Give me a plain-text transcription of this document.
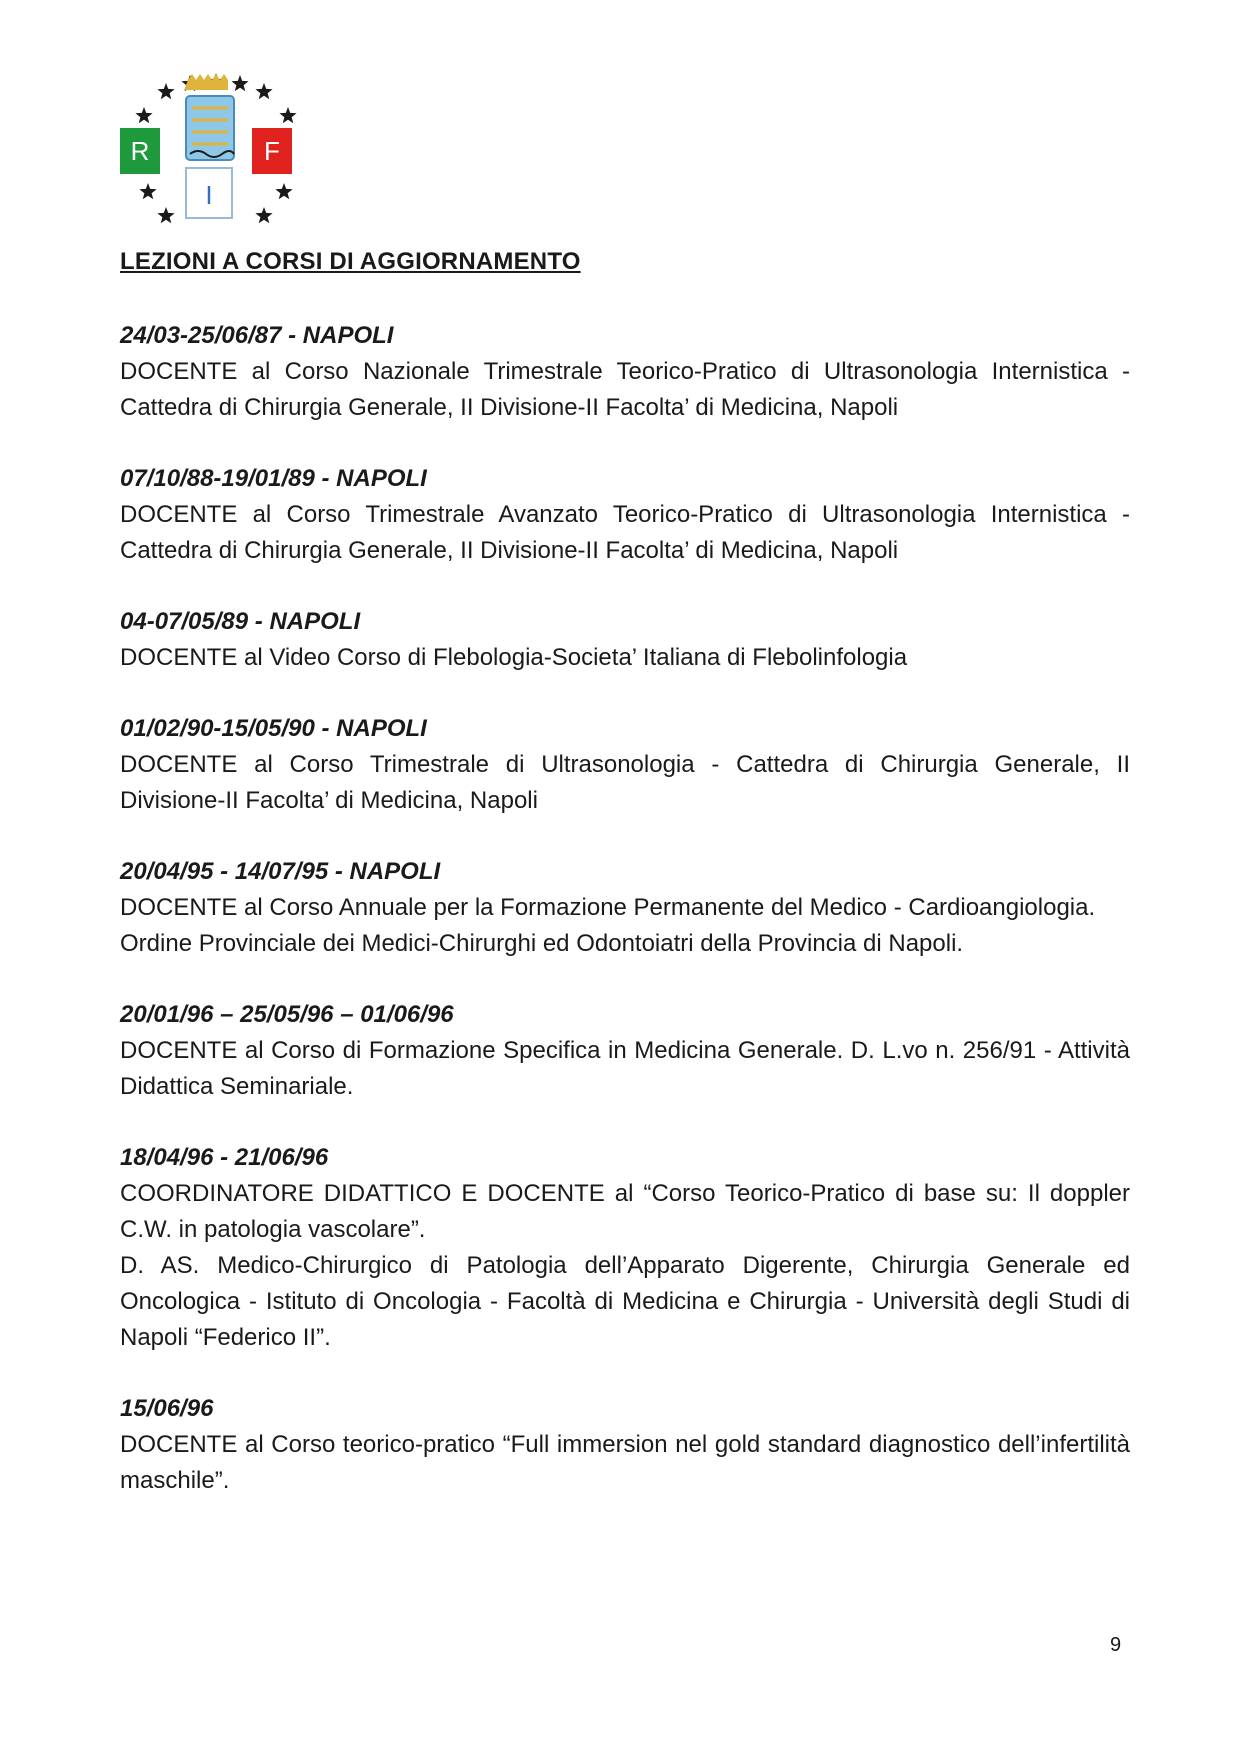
R	F
I
LEZIONI A CORSI DI AGGIORNAMENTO

24/03-25/06/87 - NAPOLI

DOCENTE al Corso Nazionale Trimestrale Teorico-Pratico di Ultrasonologia Internistica - Cattedra di Chirurgia Generale, II Divisione-II Facolta’ di Medicina, Napoli

07/10/88-19/01/89 - NAPOLI

DOCENTE al Corso Trimestrale Avanzato Teorico-Pratico di Ultrasonologia Internistica - Cattedra di Chirurgia Generale, II Divisione-II Facolta’ di Medicina, Napoli

04-07/05/89 - NAPOLI

DOCENTE al Video Corso di Flebologia-Societa’ Italiana di Flebolinfologia

01/02/90-15/05/90 - NAPOLI

DOCENTE al Corso Trimestrale di Ultrasonologia - Cattedra di Chirurgia Generale, II Divisione-II Facolta’ di Medicina, Napoli

20/04/95 - 14/07/95 - NAPOLI

DOCENTE al Corso Annuale per la Formazione Permanente del Medico - Cardioangiologia.

Ordine Provinciale dei Medici-Chirurghi ed Odontoiatri della Provincia di Napoli.

20/01/96 – 25/05/96 – 01/06/96

DOCENTE al Corso di Formazione Specifica in Medicina Generale. D. L.vo n. 256/91 - Attività Didattica Seminariale.

18/04/96 - 21/06/96

COORDINATORE DIDATTICO E DOCENTE al “Corso Teorico-Pratico di base su: Il doppler C.W. in patologia vascolare”.

D. AS. Medico-Chirurgico di Patologia dell’Apparato Digerente, Chirurgia Generale ed Oncologica - Istituto di Oncologia - Facoltà di Medicina e Chirurgia - Università degli Studi di Napoli “Federico II”.

15/06/96

DOCENTE al Corso teorico-pratico “Full immersion nel gold standard diagnostico dell’infertilità maschile”.

9
